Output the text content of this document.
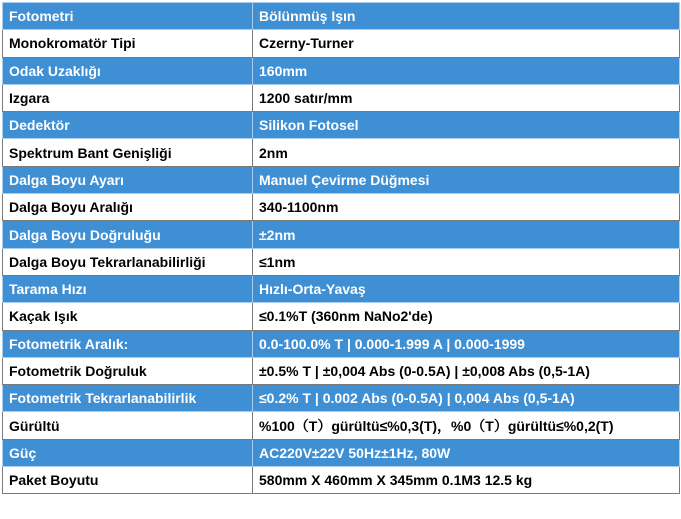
Fotometri	Bölünmüş Işın
Monokromatör Tipi	Czerny-Turner
Odak Uzaklığı	160mm
Izgara	1200 satır/mm
Dedektör	Silikon Fotosel
Spektrum Bant Genişliği	2nm
Dalga Boyu Ayarı	Manuel Çevirme Düğmesi
Dalga Boyu Aralığı	340-1100nm
Dalga Boyu Doğruluğu	±2nm
Dalga Boyu Tekrarlanabilirliği	≤1nm
Tarama Hızı	Hızlı-Orta-Yavaş
Kaçak Işık	≤0.1%T (360nm NaNo2'de)
Fotometrik Aralık:	0.0-100.0% T | 0.000-1.999 A | 0.000-1999
Fotometrik Doğruluk	±0.5% T | ±0,004 Abs (0-0.5A) | ±0,008 Abs (0,5-1A)
Fotometrik Tekrarlanabilirlik	≤0.2% T | 0.002 Abs (0-0.5A) | 0,004 Abs (0,5-1A)
Gürültü	%100（T）gürültü≤%0,3(T)，%0（T）gürültü≤%0,2(T)
Güç	AC220V±22V 50Hz±1Hz, 80W
Paket Boyutu	580mm X 460mm X 345mm 0.1M3 12.5 kg
